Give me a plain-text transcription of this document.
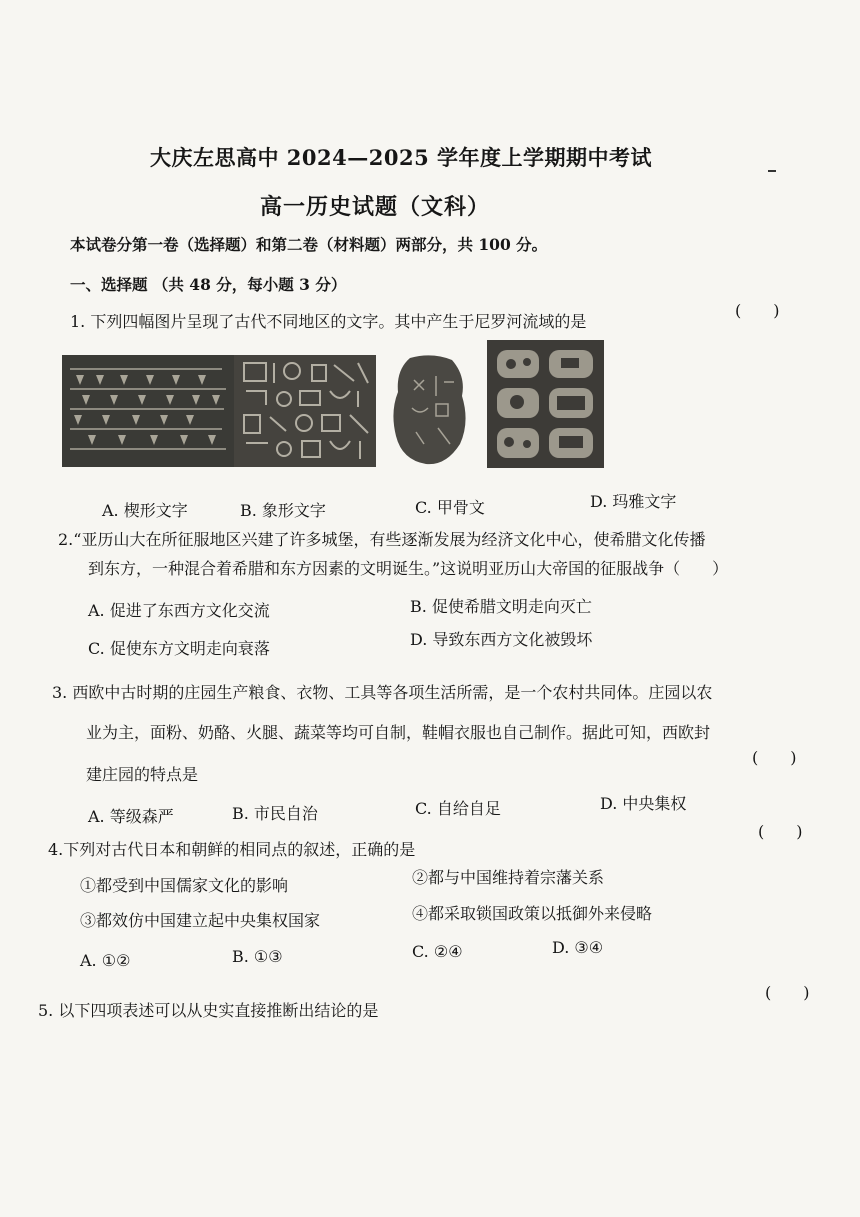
大庆左思高中 2024—2025 学年度上学期期中考试
高一历史试题（文科）
本试卷分第一卷（选择题）和第二卷（材料题）两部分，共 100 分。
一、选择题 （共 48 分，每小题 3 分）
1. 下列四幅图片呈现了古代不同地区的文字。其中产生于尼罗河流域的是
(　　)
A. 楔形文字	B. 象形文字	C. 甲骨文	D. 玛雅文字
2.“亚历山大在所征服地区兴建了许多城堡，有些逐渐发展为经济文化中心，使希腊文化传播
到东方，一种混合着希腊和东方因素的文明诞生。”这说明亚历山大帝国的征服战争（　　）
A. 促进了东西方文化交流	B. 促使希腊文明走向灭亡
C. 促使东方文明走向衰落	D. 导致东西方文化被毁坏
3. 西欧中古时期的庄园生产粮食、衣物、工具等各项生活所需，是一个农村共同体。庄园以农
业为主，面粉、奶酪、火腿、蔬菜等均可自制，鞋帽衣服也自己制作。据此可知，西欧封
建庄园的特点是
(　　)
A. 等级森严	B. 市民自治	C. 自给自足	D. 中央集权
4.下列对古代日本和朝鲜的相同点的叙述，正确的是
(　　)
①都受到中国儒家文化的影响	②都与中国维持着宗藩关系
③都效仿中国建立起中央集权国家	④都采取锁国政策以抵御外来侵略
A. ①②	B. ①③	C. ②④	D. ③④
5. 以下四项表述可以从史实直接推断出结论的是
(　　)
